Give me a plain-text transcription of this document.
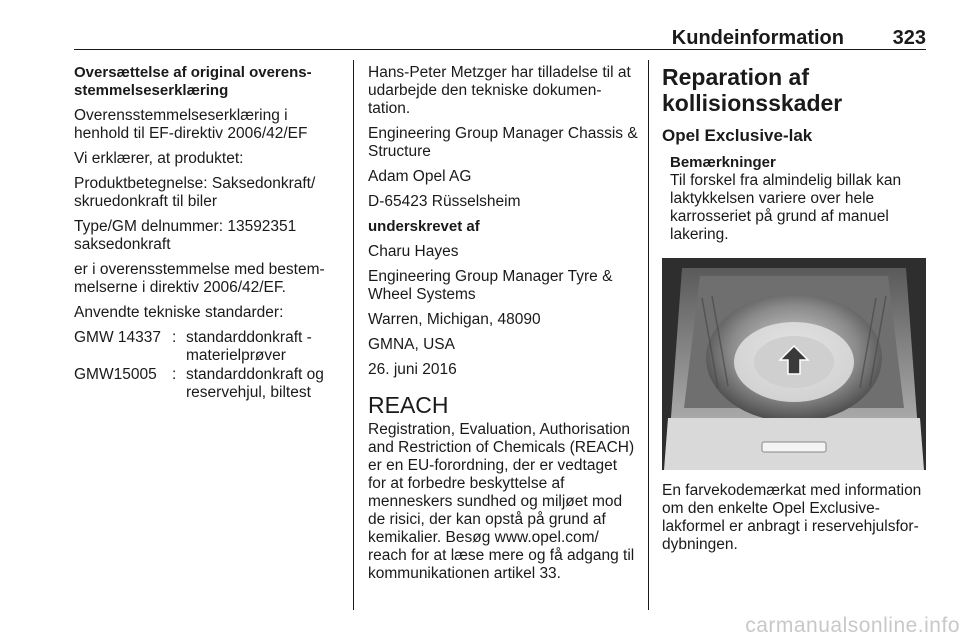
Kundeinformation 323
Oversættelse af original overensstemmelseserklæring
Overensstemmelseserklæring i henhold til EF-direktiv 2006/42/EF
Vi erklærer, at produktet:
Produktbetegnelse: Saksedonkraft/ skruedonkraft til biler
Type/GM delnummer: 13592351 saksedonkraft
er i overensstemmelse med bestemmelserne i direktiv 2006/42/EF.
Anvendte tekniske standarder:
GMW 14337 : standarddonkraft - materielprøver
GMW15005 : standarddonkraft og reservehjul, biltest
Hans-Peter Metzger har tilladelse til at udarbejde den tekniske dokumentation.
Engineering Group Manager Chassis & Structure
Adam Opel AG
D-65423 Rüsselsheim
underskrevet af
Charu Hayes
Engineering Group Manager Tyre & Wheel Systems
Warren, Michigan, 48090
GMNA, USA
26. juni 2016
REACH
Registration, Evaluation, Authorisation and Restriction of Chemicals (REACH) er en EU-forordning, der er vedtaget for at forbedre beskyttelse af menneskers sundhed og miljøet mod de risici, der kan opstå på grund af kemikalier. Besøg www.opel.com/ reach for at læse mere og få adgang til kommunikationen artikel 33.
Reparation af kollisionsskader
Opel Exclusive-lak
Bemærkninger
Til forskel fra almindelig billak kan laktykkelsen variere over hele karrosseriet på grund af manuel lakering.
En farvekodemærkat med information om den enkelte Opel Exclusive-lakformel er anbragt i reservehjulsfordybningen.
carmanualsonline.info
